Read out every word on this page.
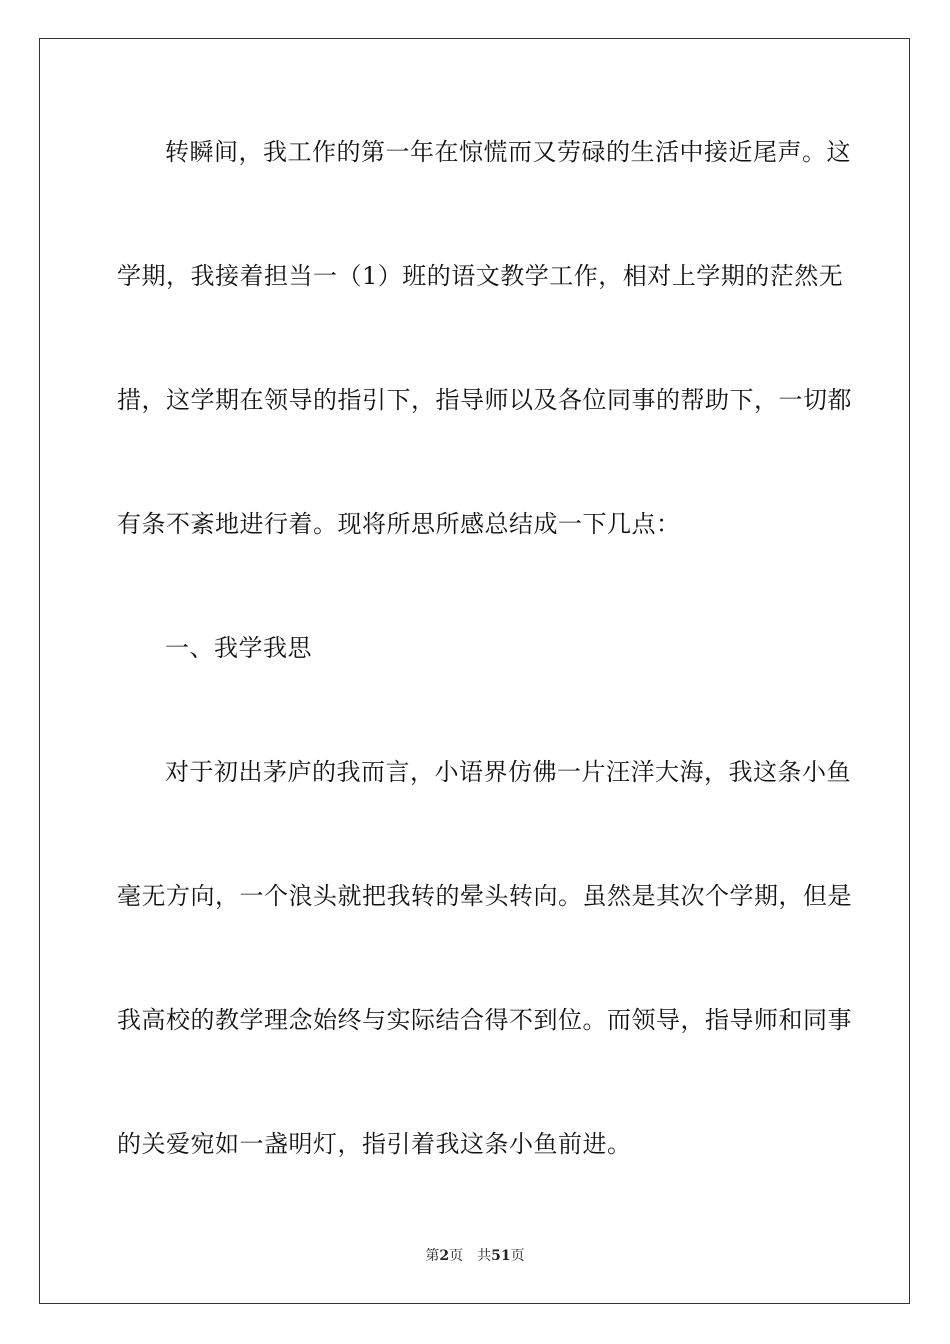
转瞬间，我工作的第一年在惊慌而又劳碌的生活中接近尾声。这
学期，我接着担当一（1）班的语文教学工作，相对上学期的茫然无
措，这学期在领导的指引下，指导师以及各位同事的帮助下，一切都
有条不紊地进行着。现将所思所感总结成一下几点：
一、我学我思
对于初出茅庐的我而言，小语界仿佛一片汪洋大海，我这条小鱼
毫无方向，一个浪头就把我转的晕头转向。虽然是其次个学期，但是
我高校的教学理念始终与实际结合得不到位。而领导，指导师和同事
的关爱宛如一盏明灯，指引着我这条小鱼前进。
第2页 共51页
